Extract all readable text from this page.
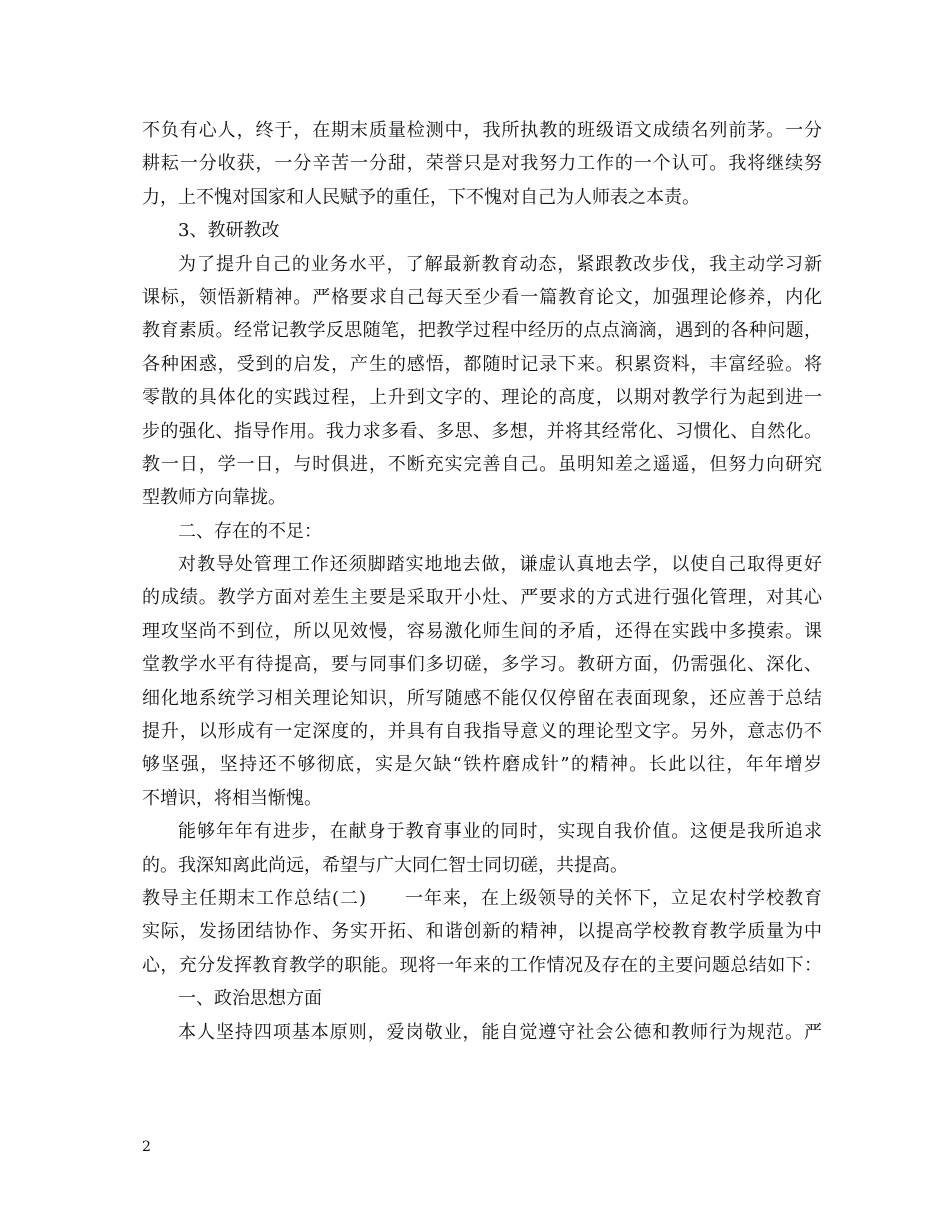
不负有心人，终于，在期末质量检测中，我所执教的班级语文成绩名列前茅。一分
耕耘一分收获，一分辛苦一分甜，荣誉只是对我努力工作的一个认可。我将继续努
力，上不愧对国家和人民赋予的重任，下不愧对自己为人师表之本责。
3、教研教改
为了提升自己的业务水平，了解最新教育动态，紧跟教改步伐，我主动学习新
课标，领悟新精神。严格要求自己每天至少看一篇教育论文，加强理论修养，内化
教育素质。经常记教学反思随笔，把教学过程中经历的点点滴滴，遇到的各种问题，
各种困惑，受到的启发，产生的感悟，都随时记录下来。积累资料，丰富经验。将
零散的具体化的实践过程，上升到文字的、理论的高度，以期对教学行为起到进一
步的强化、指导作用。我力求多看、多思、多想，并将其经常化、习惯化、自然化。
教一日，学一日，与时俱进，不断充实完善自己。虽明知差之遥遥，但努力向研究
型教师方向靠拢。
二、存在的不足：
对教导处管理工作还须脚踏实地地去做，谦虚认真地去学，以使自己取得更好
的成绩。教学方面对差生主要是采取开小灶、严要求的方式进行强化管理，对其心
理攻坚尚不到位，所以见效慢，容易激化师生间的矛盾，还得在实践中多摸索。课
堂教学水平有待提高，要与同事们多切磋，多学习。教研方面，仍需强化、深化、
细化地系统学习相关理论知识，所写随感不能仅仅停留在表面现象，还应善于总结
提升，以形成有一定深度的，并具有自我指导意义的理论型文字。另外，意志仍不
够坚强，坚持还不够彻底，实是欠缺“铁杵磨成针”的精神。长此以往，年年增岁
不增识，将相当惭愧。
能够年年有进步，在献身于教育事业的同时，实现自我价值。这便是我所追求
的。我深知离此尚远，希望与广大同仁智士同切磋，共提高。
教导主任期末工作总结(二)　　一年来，在上级领导的关怀下，立足农村学校教育
实际，发扬团结协作、务实开拓、和谐创新的精神，以提高学校教育教学质量为中
心，充分发挥教育教学的职能。现将一年来的工作情况及存在的主要问题总结如下：
一、政治思想方面
本人坚持四项基本原则，爱岗敬业，能自觉遵守社会公德和教师行为规范。严
2
